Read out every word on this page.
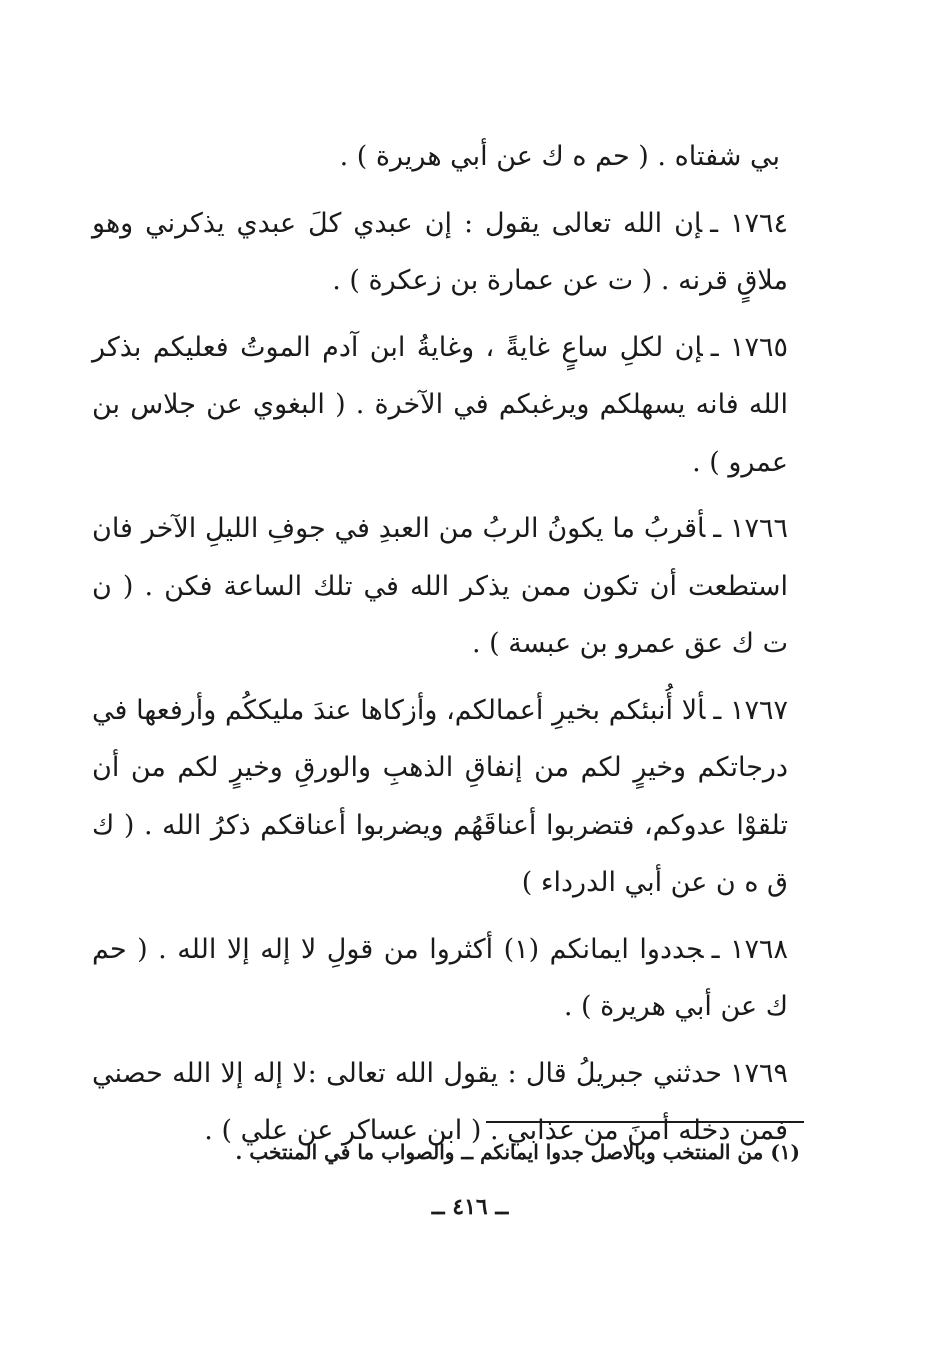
بي شفتاه . ( حم ه ك عن أبي هريرة ) .

١٧٦٤ ـإن الله تعالى يقول : إن عبدي كلَ عبدي يذكرني وهو ملاقٍ قرنه . ( ت عن عمارة بن زعكرة ) .

١٧٦٥ ـإن لكلِ ساعٍ غايةً ، وغايةُ ابن آدم الموتُ فعليكم بذكر الله فانه يسهلكم ويرغبكم في الآخرة . ( البغوي عن جلاس بن عمرو ) .

١٧٦٦ ـأقربُ ما يكونُ الربُ من العبدِ في جوفِ الليلِ الآخر فان استطعت أن تكون ممن يذكر الله في تلك الساعة فكن . ( ن ت ك عق عمرو بن عبسة ) .

١٧٦٧ ـألا أُنبئكم بخيرِ أعمالكم، وأزكاها عندَ مليككُم وأرفعها في درجاتكم وخيرٍ لكم من إنفاقِ الذهبِ والورقِ وخيرٍ لكم من أن تلقوْا عدوكم، فتضربوا أعناقَهُم ويضربوا أعناقكم ذكرُ الله . ( ك ق ه ن عن أبي الدرداء )

١٧٦٨ ـجددوا ايمانكم (١) أكثروا من قولِ لا إله إلا الله . ( حم ك عن أبي هريرة ) .

١٧٦٩حدثني جبريلُ قال : يقول الله تعالى :لا إله إلا الله حصني فمن دخله أمنَ من عذابي . ( ابن عساكر عن علي ) .

(١) من المنتخب وبالاصل جدوا ايمانكم ــ والصواب ما في المنتخب .
ــ ٤١٦ ــ
